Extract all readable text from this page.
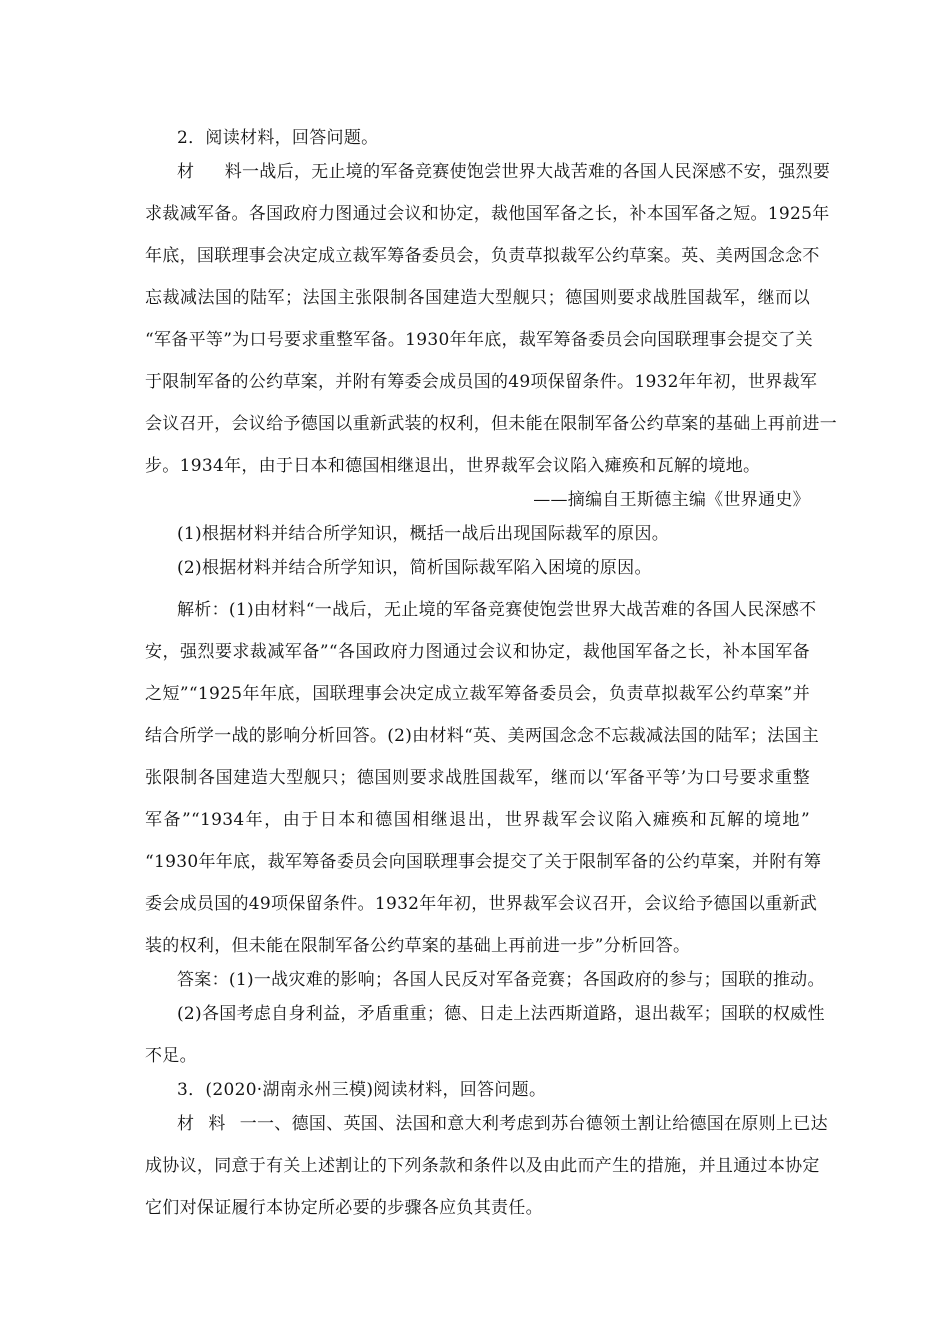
2．阅读材料，回答问题。
材料一战后，无止境的军备竞赛使饱尝世界大战苦难的各国人民深感不安，强烈要
求裁减军备。各国政府力图通过会议和协定，裁他国军备之长，补本国军备之短。1925年
年底，国联理事会决定成立裁军筹备委员会，负责草拟裁军公约草案。英、美两国念念不
忘裁减法国的陆军；法国主张限制各国建造大型舰只；德国则要求战胜国裁军，继而以
“军备平等”为口号要求重整军备。1930年年底，裁军筹备委员会向国联理事会提交了关
于限制军备的公约草案，并附有筹委会成员国的49项保留条件。1932年年初，世界裁军
会议召开，会议给予德国以重新武装的权利，但未能在限制军备公约草案的基础上再前进一
步。1934年，由于日本和德国相继退出，世界裁军会议陷入瘫痪和瓦解的境地。
——摘编自王斯德主编《世界通史》
(1)根据材料并结合所学知识，概括一战后出现国际裁军的原因。
(2)根据材料并结合所学知识，简析国际裁军陷入困境的原因。
解析：(1)由材料“一战后，无止境的军备竞赛使饱尝世界大战苦难的各国人民深感不
安，强烈要求裁减军备”“各国政府力图通过会议和协定，裁他国军备之长，补本国军备
之短”“1925年年底，国联理事会决定成立裁军筹备委员会，负责草拟裁军公约草案”并
结合所学一战的影响分析回答。(2)由材料“英、美两国念念不忘裁减法国的陆军；法国主
张限制各国建造大型舰只；德国则要求战胜国裁军，继而以‘军备平等’为口号要求重整
军备”“1934年，由于日本和德国相继退出，世界裁军会议陷入瘫痪和瓦解的境地”
“1930年年底，裁军筹备委员会向国联理事会提交了关于限制军备的公约草案，并附有筹
委会成员国的49项保留条件。1932年年初，世界裁军会议召开，会议给予德国以重新武
装的权利，但未能在限制军备公约草案的基础上再前进一步”分析回答。
答案：(1)一战灾难的影响；各国人民反对军备竞赛；各国政府的参与；国联的推动。
(2)各国考虑自身利益，矛盾重重；德、日走上法西斯道路，退出裁军；国联的权威性
不足。
3．(2020·湖南永州三模)阅读材料，回答问题。
材料一一、德国、英国、法国和意大利考虑到苏台德领土割让给德国在原则上已达
成协议，同意于有关上述割让的下列条款和条件以及由此而产生的措施，并且通过本协定
它们对保证履行本协定所必要的步骤各应负其责任。
